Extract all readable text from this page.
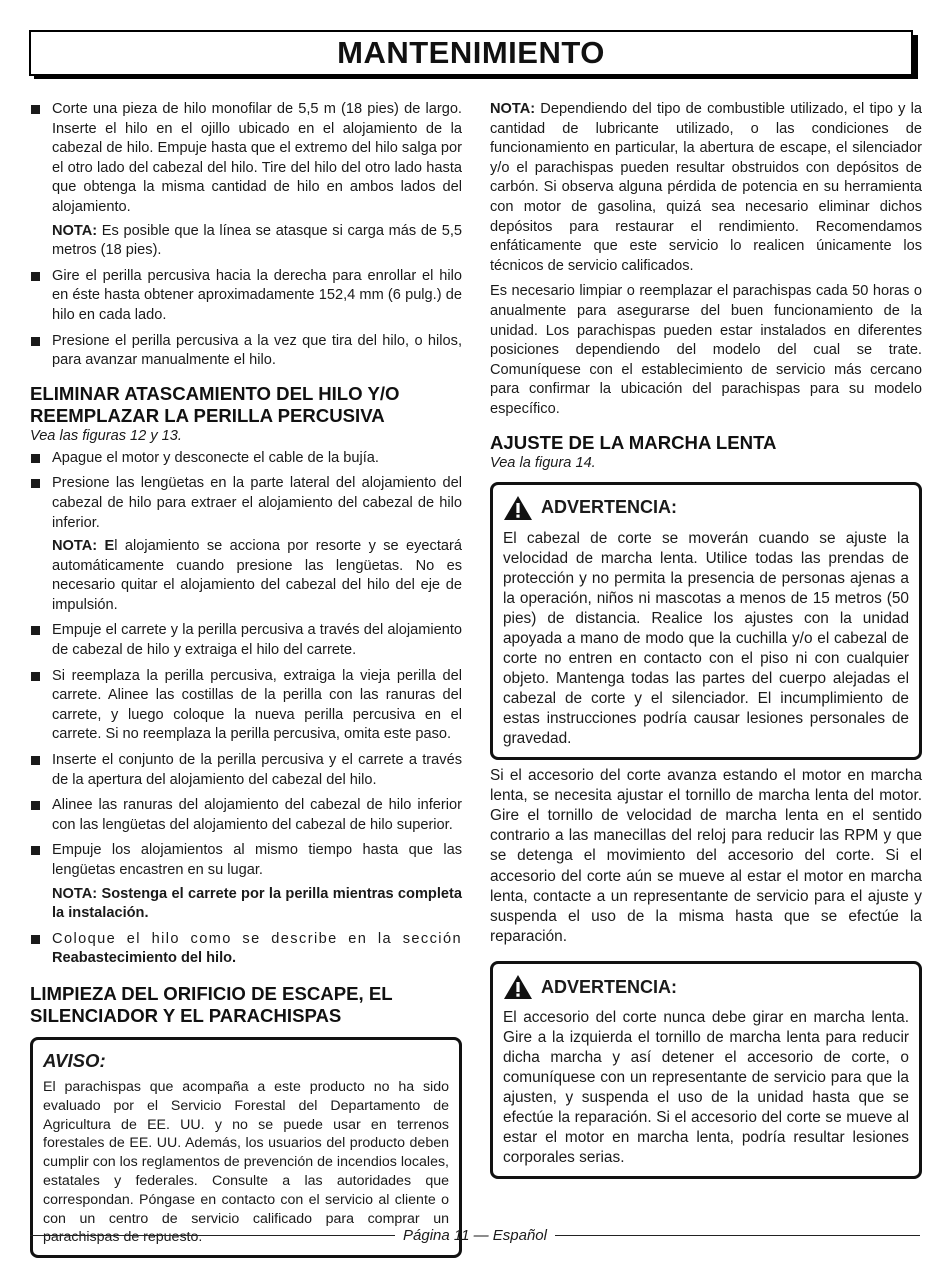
MANTENIMIENTO
Corte una pieza de hilo monofilar de 5,5 m (18 pies) de largo. Inserte el hilo en el ojillo ubicado en el alojamiento de la cabezal de hilo. Empuje hasta que el extremo del hilo salga por el otro lado del cabezal del hilo. Tire del hilo del otro lado hasta que obtenga la misma cantidad de hilo en ambos lados del alojamiento.
NOTA: Es posible que la línea se atasque si carga más de 5,5 metros (18 pies).
Gire el perilla percusiva hacia la derecha para enrollar el hilo en éste hasta obtener aproximadamente 152,4 mm (6 pulg.) de hilo en cada lado.
Presione el perilla percusiva a la vez que tira del hilo, o hilos, para avanzar manualmente el hilo.
ELIMINAR ATASCAMIENTO DEL HILO Y/O REEMPLAZAR LA PERILLA PERCUSIVA
Vea las figuras 12 y 13.
Apague el motor y desconecte el cable de la bujía.
Presione las lengüetas en la parte lateral del alojamiento del cabezal de hilo para extraer el alojamiento del cabezal de hilo inferior.
NOTA: El alojamiento se acciona por resorte y se eyectará automáticamente cuando presione las lengüetas. No es necesario quitar el alojamiento del cabezal del hilo del eje de impulsión.
Empuje el carrete y la perilla percusiva a través del alojamiento de cabezal de hilo y extraiga el hilo del carrete.
Si reemplaza la perilla percusiva, extraiga la vieja perilla del carrete. Alinee las costillas de la perilla con las ranuras del carrete, y luego coloque la nueva perilla percusiva en el carrete. Si no reemplaza la perilla percusiva, omita este paso.
Inserte el conjunto de la perilla percusiva y el carrete a través de la apertura del alojamiento del cabezal del hilo.
Alinee las ranuras del alojamiento del cabezal de hilo inferior con las lengüetas del alojamiento del cabezal de hilo superior.
Empuje los alojamientos al mismo tiempo hasta que las lengüetas encastren en su lugar.
NOTA: Sostenga el carrete por la perilla mientras completa la instalación.
Coloque el hilo como se describe en la sección Reabastecimiento del hilo.
LIMPIEZA DEL ORIFICIO DE ESCAPE, EL SILENCIADOR Y EL PARACHISPAS
AVISO:
El parachispas que acompaña a este producto no ha sido evaluado por el Servicio Forestal del Departamento de Agricultura de EE. UU. y no se puede usar en terrenos forestales de EE. UU. Además, los usuarios del producto deben cumplir con los reglamentos de prevención de incendios locales, estatales y federales. Consulte a las autoridades que correspondan. Póngase en contacto con el servicio al cliente o con un centro de servicio calificado para comprar un parachispas de repuesto.
NOTA: Dependiendo del tipo de combustible utilizado, el tipo y la cantidad de lubricante utilizado, o las condiciones de funcionamiento en particular, la abertura de escape, el silenciador y/o el parachispas pueden resultar obstruidos con depósitos de carbón. Si observa alguna pérdida de potencia en su herramienta con motor de gasolina, quizá sea necesario eliminar dichos depósitos para restaurar el rendimiento. Recomendamos enfáticamente que este servicio lo realicen únicamente los técnicos de servicio calificados.
Es necesario limpiar o reemplazar el parachispas cada 50 horas o anualmente para asegurarse del buen funcionamiento de la unidad. Los parachispas pueden estar instalados en diferentes posiciones dependiendo del modelo del cual se trate. Comuníquese con el establecimiento de servicio más cercano para confirmar la ubicación del parachispas para su modelo específico.
AJUSTE DE LA MARCHA LENTA
Vea la figura 14.
ADVERTENCIA:
El cabezal de corte se moverán cuando se ajuste la velocidad de marcha lenta. Utilice todas las prendas de protección y no permita la presencia de personas ajenas a la operación, niños ni mascotas a menos de 15 metros (50 pies) de distancia. Realice los ajustes con la unidad apoyada a mano de modo que la cuchilla y/o el cabezal de corte no entren en contacto con el piso ni con cualquier objeto. Mantenga todas las partes del cuerpo alejadas el cabezal de corte y el silenciador. El incumplimiento de estas instrucciones podría causar lesiones personales de gravedad.
Si el accesorio del corte avanza estando el motor en marcha lenta, se necesita ajustar el tornillo de marcha lenta del motor. Gire el tornillo de velocidad de marcha lenta en el sentido contrario a las manecillas del reloj para reducir las RPM y que se detenga el movimiento del accesorio del corte. Si el accesorio del corte aún se mueve al estar el motor en marcha lenta, contacte a un representante de servicio para el ajuste y suspenda el uso de la misma hasta que se efectúe la reparación.
ADVERTENCIA:
El accesorio del corte nunca debe girar en marcha lenta. Gire a la izquierda el tornillo de marcha lenta para reducir dicha marcha y así detener el accesorio de corte, o comuníquese con un representante de servicio para que la ajusten, y suspenda el uso de la unidad hasta que se efectúe la reparación. Si el accesorio del corte se mueve al estar el motor en marcha lenta, podría resultar lesiones corporales serias.
Página 11 — Español
